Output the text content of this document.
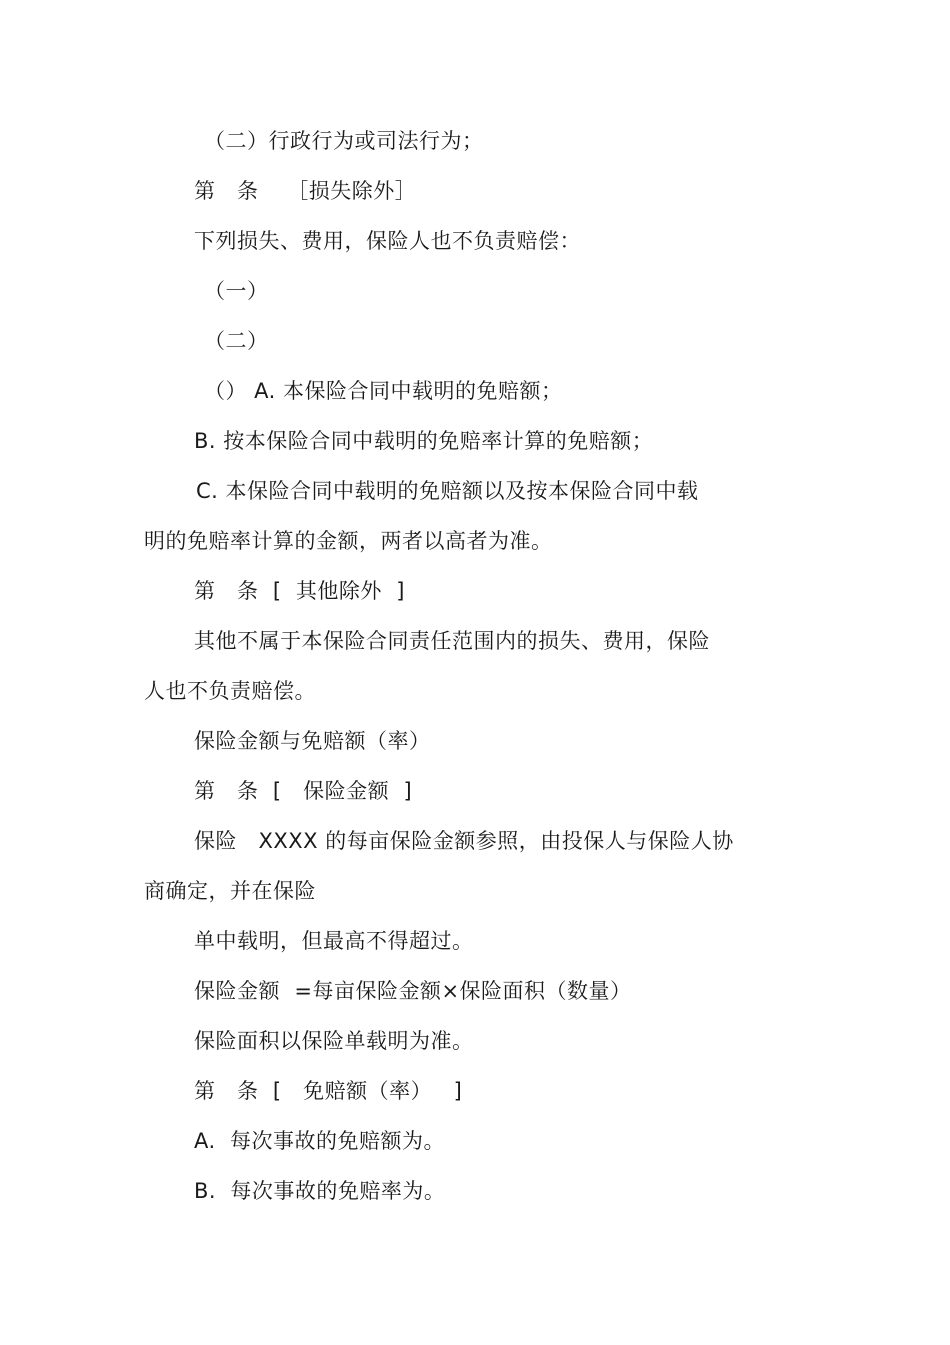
（二）行政行为或司法行为；
第   条    ［损失除外］
下列损失、费用，保险人也不负责赔偿：
（一）
（二）
（） A. 本保险合同中载明的免赔额；
B. 按本保险合同中载明的免赔率计算的免赔额；
C. 本保险合同中载明的免赔额以及按本保险合同中载
明的免赔率计算的金额，两者以高者为准。
第   条  [  其他除外  ]
其他不属于本保险合同责任范围内的损失、费用，保险
人也不负责赔偿。
保险金额与免赔额（率）
第   条  [   保险金额  ]
保险   XXXX 的每亩保险金额参照，由投保人与保险人协
商确定，并在保险
单中载明，但最高不得超过。
保险金额  =每亩保险金额×保险面积（数量）
保险面积以保险单载明为准。
第   条  [   免赔额（率）   ]
A.  每次事故的免赔额为。
B.  每次事故的免赔率为。
